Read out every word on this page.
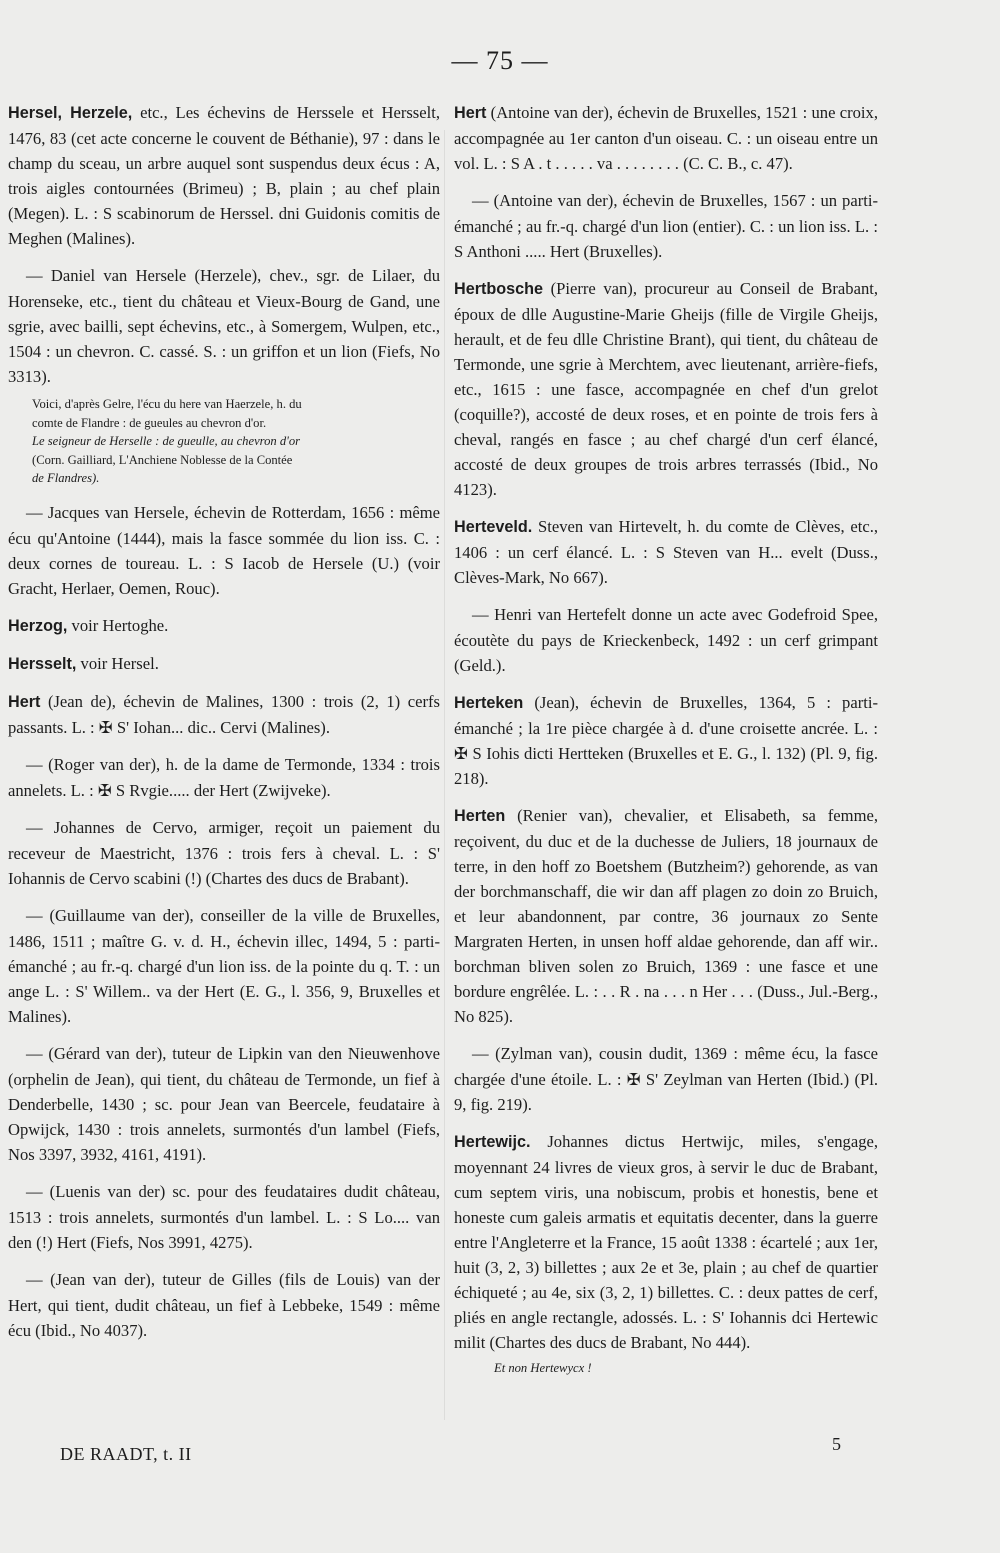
— 75 —

Hersel, Herzele, etc., Les échevins de Herssele et Hersselt, 1476, 83 (cet acte concerne le couvent de Béthanie), 97 : dans le champ du sceau, un arbre auquel sont suspendus deux écus : A, trois aigles contournées (Brimeu) ; B, plain ; au chef plain (Megen). L. : S scabinorum de Herssel. dni Guidonis comitis de Meghen (Malines).

— Daniel van Hersele (Herzele), chev., sgr. de Lilaer, du Horenseke, etc., tient du château et Vieux-Bourg de Gand, une sgrie, avec bailli, sept échevins, etc., à Somergem, Wulpen, etc., 1504 : un chevron. C. cassé. S. : un griffon et un lion (Fiefs, No 3313).

Voici, d'après Gelre, l'écu du here van Haerzele, h. du
comte de Flandre : de gueules au chevron d'or.
Le seigneur de Herselle : de gueulle, au chevron d'or
(Corn. Gailliard, L'Anchiene Noblesse de la Contée
de Flandres).

— Jacques van Hersele, échevin de Rotterdam, 1656 : même écu qu'Antoine (1444), mais la fasce sommée du lion iss. C. : deux cornes de toureau. L. : S Iacob de Hersele (U.) (voir Gracht, Herlaer, Oemen, Rouc).

Herzog, voir Hertoghe.

Hersselt, voir Hersel.

Hert (Jean de), échevin de Malines, 1300 : trois (2, 1) cerfs passants. L. : ✠ S' Iohan... dic.. Cervi (Malines).

— (Roger van der), h. de la dame de Termonde, 1334 : trois annelets. L. : ✠ S Rvgie..... der Hert (Zwijveke).

— Johannes de Cervo, armiger, reçoit un paiement du receveur de Maestricht, 1376 : trois fers à cheval. L. : S' Iohannis de Cervo scabini (!) (Chartes des ducs de Brabant).

— (Guillaume van der), conseiller de la ville de Bruxelles, 1486, 1511 ; maître G. v. d. H., échevin illec, 1494, 5 : parti-émanché ; au fr.-q. chargé d'un lion iss. de la pointe du q. T. : un ange L. : S' Willem.. va der Hert (E. G., l. 356, 9, Bruxelles et Malines).

— (Gérard van der), tuteur de Lipkin van den Nieuwenhove (orphelin de Jean), qui tient, du château de Termonde, un fief à Denderbelle, 1430 ; sc. pour Jean van Beercele, feudataire à Opwijck, 1430 : trois annelets, surmontés d'un lambel (Fiefs, Nos 3397, 3932, 4161, 4191).

— (Luenis van der) sc. pour des feudataires dudit château, 1513 : trois annelets, surmontés d'un lambel. L. : S Lo.... van den (!) Hert (Fiefs, Nos 3991, 4275).

— (Jean van der), tuteur de Gilles (fils de Louis) van der Hert, qui tient, dudit château, un fief à Lebbeke, 1549 : même écu (Ibid., No 4037).

Hert (Antoine van der), échevin de Bruxelles, 1521 : une croix, accompagnée au 1er canton d'un oiseau. C. : un oiseau entre un vol. L. : S A . t . . . . . va . . . . . . . . (C. C. B., c. 47).

— (Antoine van der), échevin de Bruxelles, 1567 : un parti-émanché ; au fr.-q. chargé d'un lion (entier). C. : un lion iss. L. : S Anthoni ..... Hert (Bruxelles).

Hertbosche (Pierre van), procureur au Conseil de Brabant, époux de dlle Augustine-Marie Gheijs (fille de Virgile Gheijs, herault, et de feu dlle Christine Brant), qui tient, du château de Termonde, une sgrie à Merchtem, avec lieutenant, arrière-fiefs, etc., 1615 : une fasce, accompagnée en chef d'un grelot (coquille?), accosté de deux roses, et en pointe de trois fers à cheval, rangés en fasce ; au chef chargé d'un cerf élancé, accosté de deux groupes de trois arbres terrassés (Ibid., No 4123).

Herteveld. Steven van Hirtevelt, h. du comte de Clèves, etc., 1406 : un cerf élancé. L. : S Steven van H... evelt (Duss., Clèves-Mark, No 667).

— Henri van Hertefelt donne un acte avec Godefroid Spee, écoutète du pays de Krieckenbeck, 1492 : un cerf grimpant (Geld.).

Herteken (Jean), échevin de Bruxelles, 1364, 5 : parti-émanché ; la 1re pièce chargée à d. d'une croisette ancrée. L. : ✠ S Iohis dicti Hertteken (Bruxelles et E. G., l. 132) (Pl. 9, fig. 218).

Herten (Renier van), chevalier, et Elisabeth, sa femme, reçoivent, du duc et de la duchesse de Juliers, 18 journaux de terre, in den hoff zo Boetshem (Butzheim?) gehorende, as van der borchmanschaff, die wir dan aff plagen zo doin zo Bruich, et leur abandonnent, par contre, 36 journaux zo Sente Margraten Herten, in unsen hoff aldae gehorende, dan aff wir.. borchman bliven solen zo Bruich, 1369 : une fasce et une bordure engrêlée. L. : . . R . na . . . n Her . . . (Duss., Jul.-Berg., No 825).

— (Zylman van), cousin dudit, 1369 : même écu, la fasce chargée d'une étoile. L. : ✠ S' Zeylman van Herten (Ibid.) (Pl. 9, fig. 219).

Hertewijc. Johannes dictus Hertwijc, miles, s'engage, moyennant 24 livres de vieux gros, à servir le duc de Brabant, cum septem viris, una nobiscum, probis et honestis, bene et honeste cum galeis armatis et equitatis decenter, dans la guerre entre l'Angleterre et la France, 15 août 1338 : écartelé ; aux 1er, huit (3, 2, 3) billettes ; aux 2e et 3e, plain ; au chef de quartier échiqueté ; au 4e, six (3, 2, 1) billettes. C. : deux pattes de cerf, pliés en angle rectangle, adossés. L. : S' Iohannis dci Hertewic milit (Chartes des ducs de Brabant, No 444).

Et non Hertewycx !
DE RAADT, t. II	5
